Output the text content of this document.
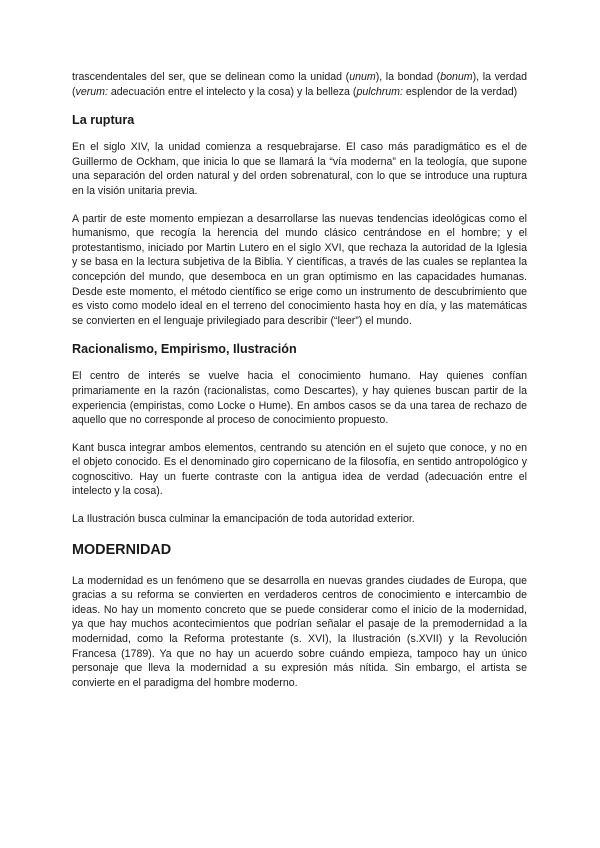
trascendentales del ser, que se delinean como la unidad (unum), la bondad (bonum), la verdad (verum: adecuación entre el intelecto y la cosa) y la belleza (pulchrum: esplendor de la verdad)

La ruptura

En el siglo XIV, la unidad comienza a resquebrajarse. El caso más paradigmático es el de Guillermo de Ockham, que inicia lo que se llamará la “vía moderna” en la teología, que supone una separación del orden natural y del orden sobrenatural, con lo que se introduce una ruptura en la visión unitaria previa.

A partir de este momento empiezan a desarrollarse las nuevas tendencias ideológicas como el humanismo, que recogía la herencia del mundo clásico centrándose en el hombre; y el protestantismo, iniciado por Martin Lutero en el siglo XVI, que rechaza la autoridad de la Iglesia y se basa en la lectura subjetiva de la Biblia. Y científicas, a través de las cuales se replantea la concepción del mundo, que desemboca en un gran optimismo en las capacidades humanas. Desde este momento, el método científico se erige como un instrumento de descubrimiento que es visto como modelo ideal en el terreno del conocimiento hasta hoy en día, y las matemáticas se convierten en el lenguaje privilegiado para describir (“leer”) el mundo.

Racionalismo, Empirismo, Ilustración

El centro de interés se vuelve hacia el conocimiento humano. Hay quienes confían primariamente en la razón (racionalistas, como Descartes), y hay quienes buscan partir de la experiencia (empiristas, como Locke o Hume). En ambos casos se da una tarea de rechazo de aquello que no corresponde al proceso de conocimiento propuesto.

Kant busca integrar ambos elementos, centrando su atención en el sujeto que conoce, y no en el objeto conocido. Es el denominado giro copernicano de la filosofía, en sentido antropológico y cognoscitivo. Hay un fuerte contraste con la antigua idea de verdad (adecuación entre el intelecto y la cosa).

La Ilustración busca culminar la emancipación de toda autoridad exterior.

MODERNIDAD

La modernidad es un fenómeno que se desarrolla en nuevas grandes ciudades de Europa, que gracias a su reforma se convierten en verdaderos centros de conocimiento e intercambio de ideas. No hay un momento concreto que se puede considerar como el inicio de la modernidad, ya que hay muchos acontecimientos que podrían señalar el pasaje de la premodernidad a la modernidad, como la Reforma protestante (s. XVI), la Ilustración (s.XVII) y la Revolución Francesa (1789). Ya que no hay un acuerdo sobre cuándo empieza, tampoco hay un único personaje que lleva la modernidad a su expresión más nítida. Sin embargo, el artista se convierte en el paradigma del hombre moderno.
